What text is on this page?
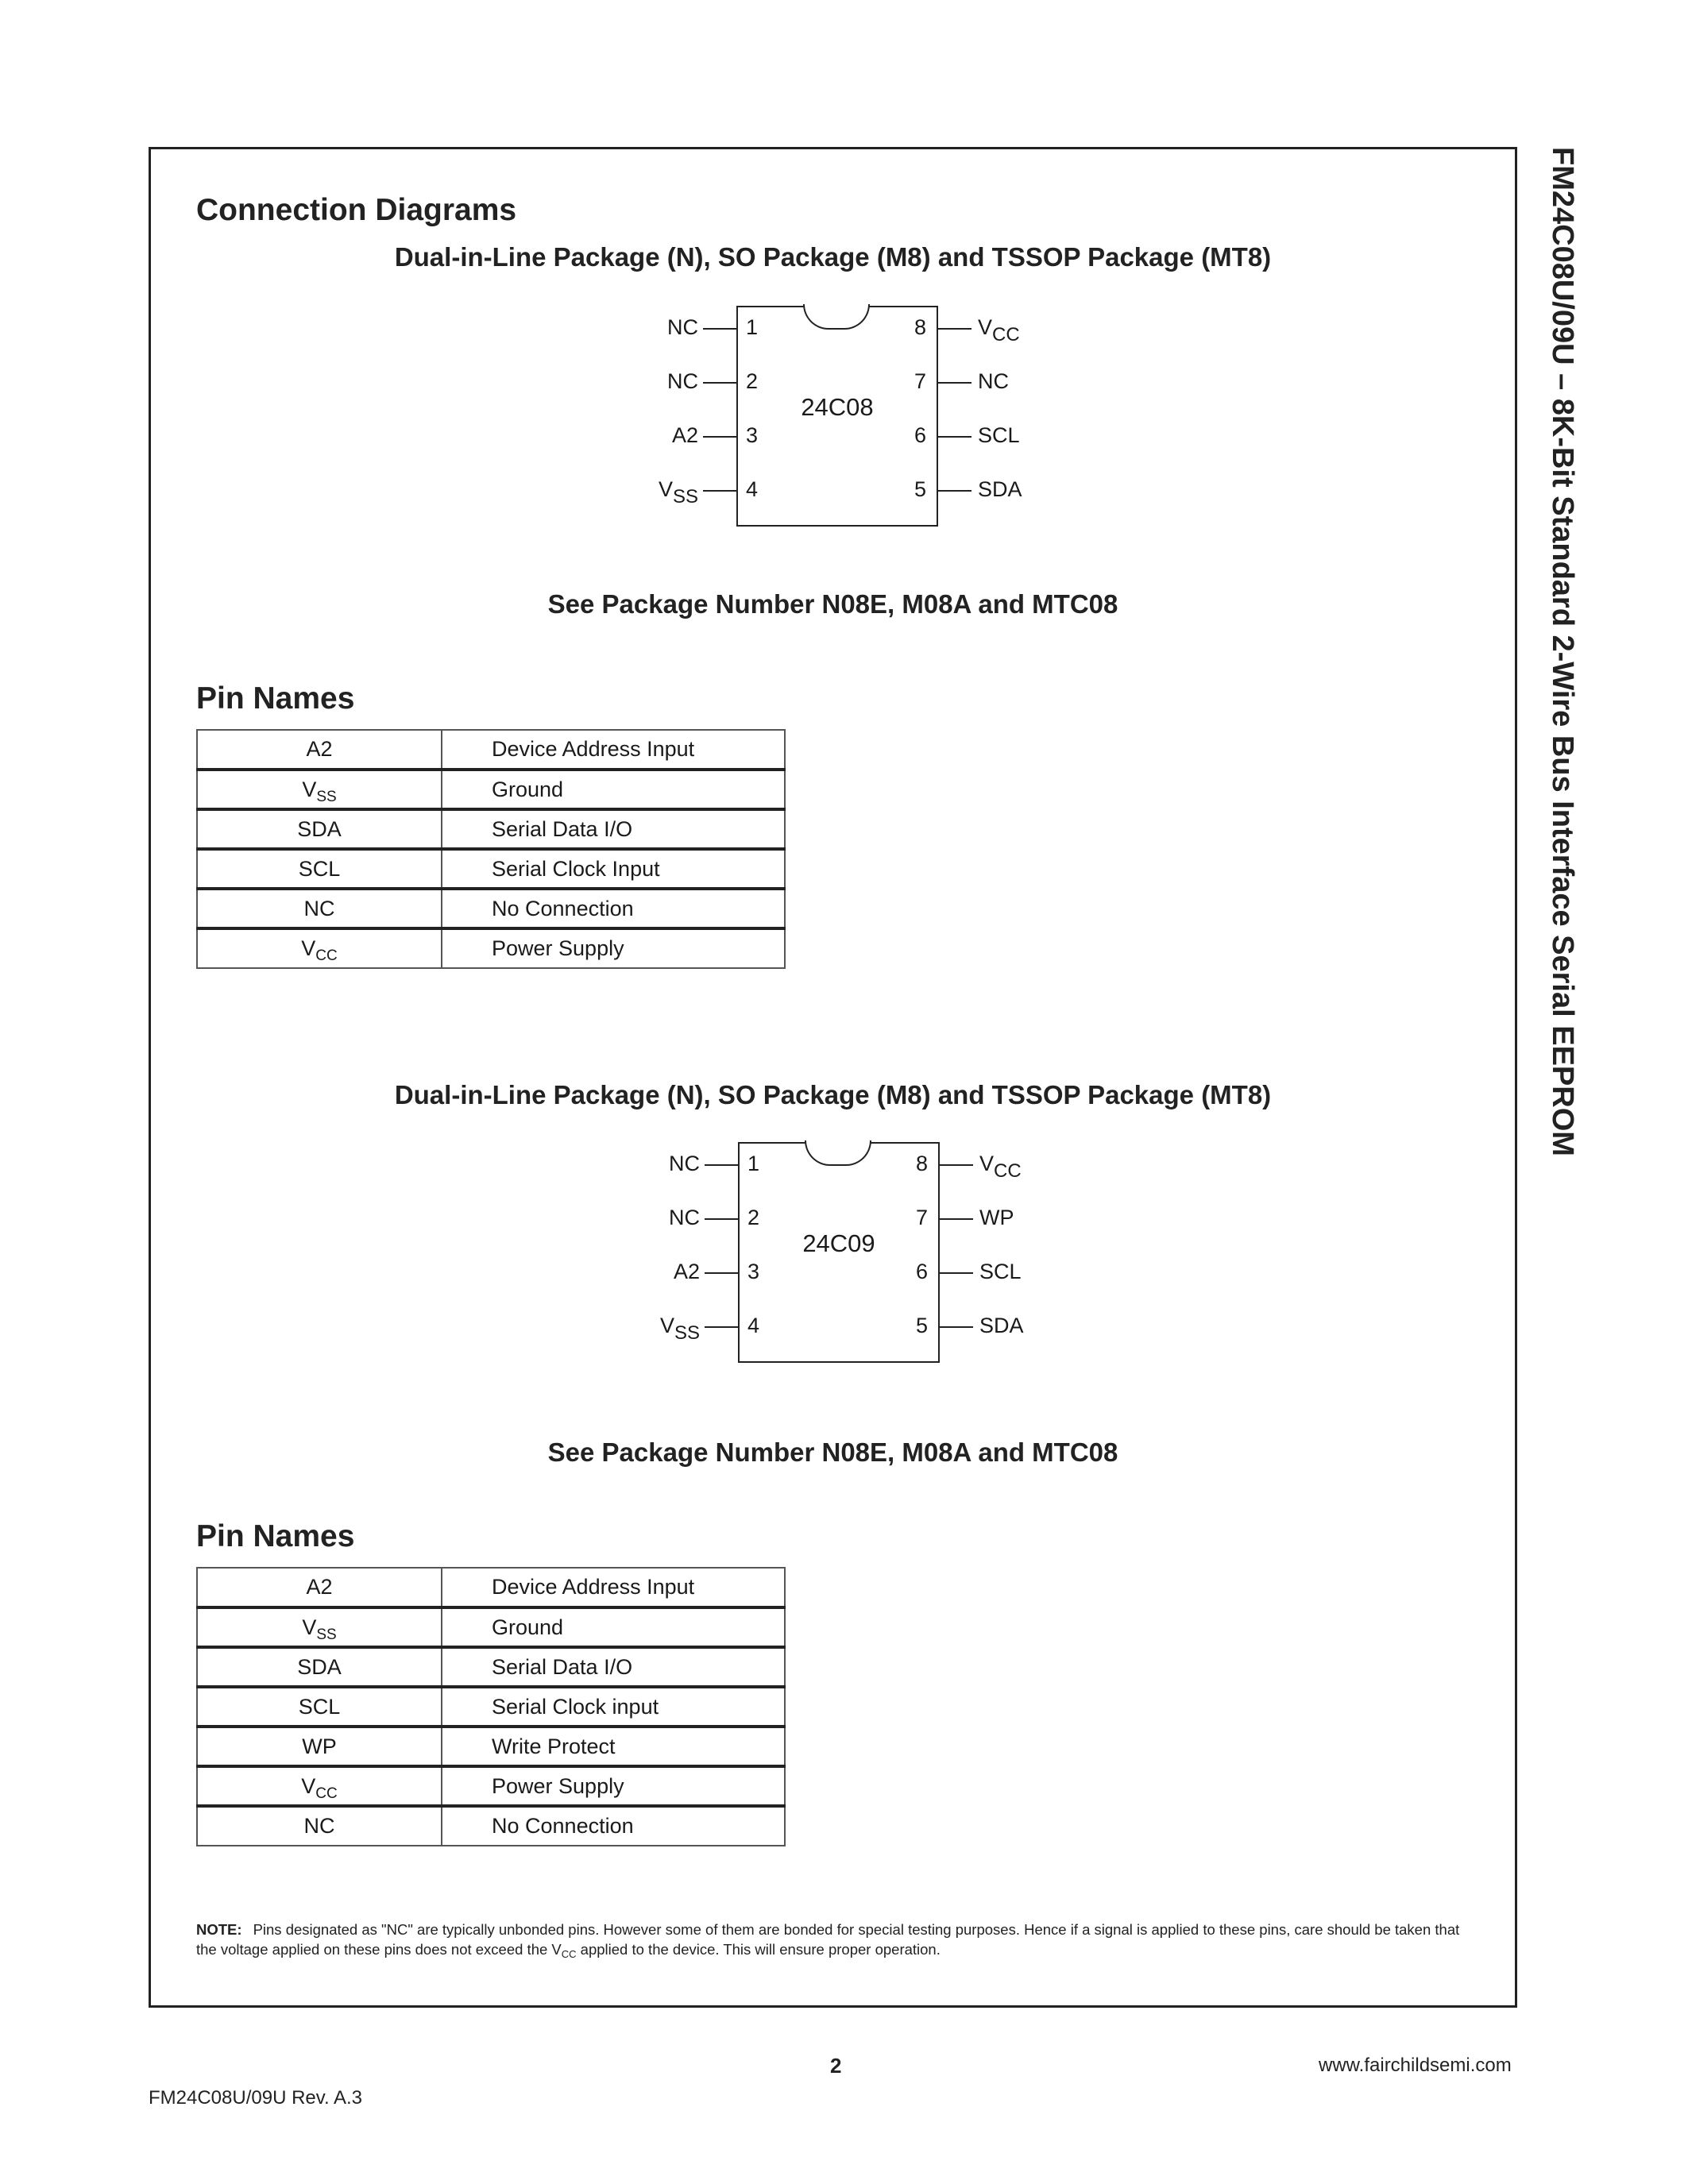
FM24C08U/09U – 8K-Bit Standard 2-Wire Bus Interface Serial EEPROM
Connection Diagrams
Dual-in-Line Package (N), SO Package (M8) and TSSOP Package (MT8)
24C08
1
NC
2
NC
3
A2
4
$V_{SS}$
8 $V_{CC}$
7 NC
6 SCL
5 SDA
See Package Number N08E, M08A and MTC08
Pin Names
A2	Device Address Input
$V_{SS}$	Ground
SDA	Serial Data I/O
SCL	Serial Clock Input
NC	No Connection
$V_{CC}$	Power Supply
Dual-in-Line Package (N), SO Package (M8) and TSSOP Package (MT8)
24C09
1
NC
2
NC
3
A2
4
$V_{SS}$
8 $V_{CC}$
7 WP
6 SCL
5 SDA
See Package Number N08E, M08A and MTC08
Pin Names
A2	Device Address Input
$V_{SS}$	Ground
SDA	Serial Data I/O
SCL	Serial Clock input
WP	Write Protect
$V_{CC}$	Power Supply
NC	No Connection
NOTE: Pins designated as "NC" are typically unbonded pins. However some of them are bonded for special testing purposes. Hence if a signal is applied to these pins, care should be taken that the voltage applied on these pins does not exceed the $V_{CC}$ applied to the device. This will ensure proper operation.
2	www.fairchildsemi.com
FM24C08U/09U Rev. A.3
